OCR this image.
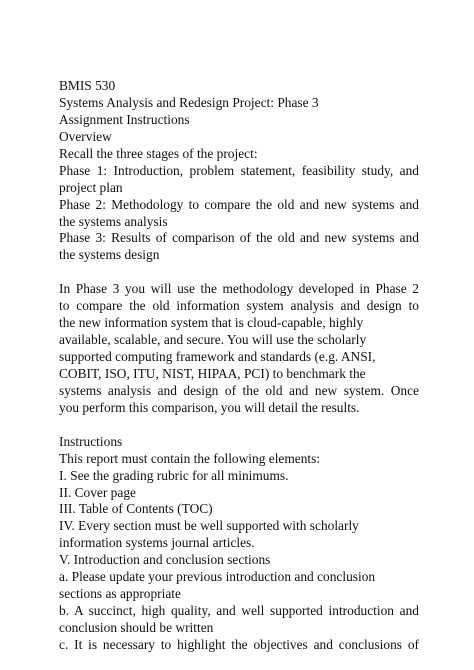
BMIS 530
Systems Analysis and Redesign Project: Phase 3
Assignment Instructions
Overview
Recall the three stages of the project:
Phase 1: Introduction, problem statement, feasibility study, and
project plan
Phase 2: Methodology to compare the old and new systems and
the systems analysis
Phase 3: Results of comparison of the old and new systems and
the systems design
In Phase 3 you will use the methodology developed in Phase 2
to compare the old information system analysis and design to
the new information system that is cloud-capable, highly
available, scalable, and secure. You will use the scholarly
supported computing framework and standards (e.g. ANSI,
COBIT, ISO, ITU, NIST, HIPAA, PCI) to benchmark the
systems analysis and design of the old and new system. Once
you perform this comparison, you will detail the results.
Instructions
This report must contain the following elements:
I. See the grading rubric for all minimums.
II. Cover page
III. Table of Contents (TOC)
IV. Every section must be well supported with scholarly
information systems journal articles.
V. Introduction and conclusion sections
a. Please update your previous introduction and conclusion
sections as appropriate
b. A succinct, high quality, and well supported introduction and
conclusion should be written
c. It is necessary to highlight the objectives and conclusions of
